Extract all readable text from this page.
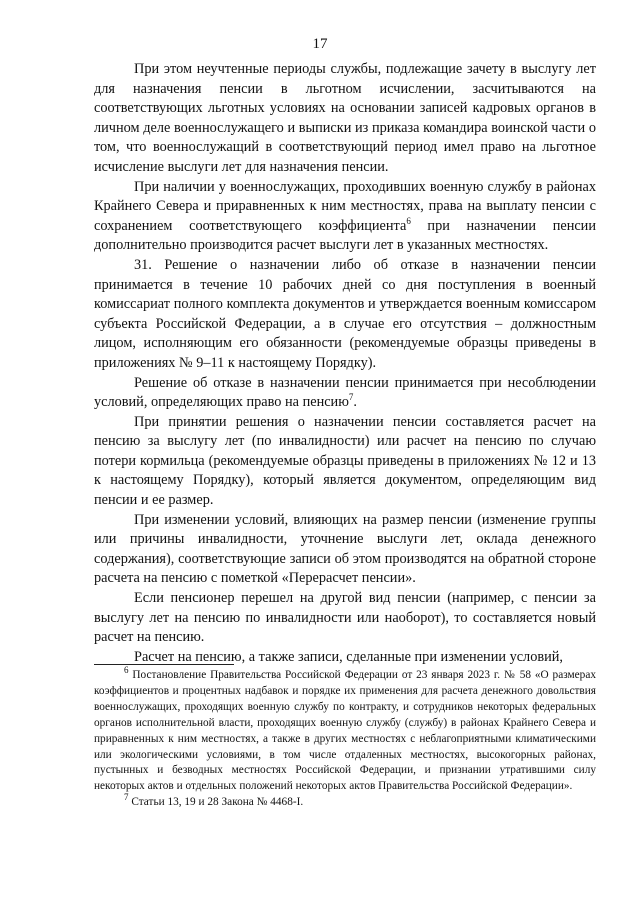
17

При этом неучтенные периоды службы, подлежащие зачету в выслугу лет для назначения пенсии в льготном исчислении, засчитываются на соответствующих льготных условиях на основании записей кадровых органов в личном деле военнослужащего и выписки из приказа командира воинской части о том, что военнослужащий в соответствующий период имел право на льготное исчисление выслуги лет для назначения пенсии.

При наличии у военнослужащих, проходивших военную службу в районах Крайнего Севера и приравненных к ним местностях, права на выплату пенсии с сохранением соответствующего коэффициента$^6$ при назначении пенсии дополнительно производится расчет выслуги лет в указанных местностях.

31. Решение о назначении либо об отказе в назначении пенсии принимается в течение 10 рабочих дней со дня поступления в военный комиссариат полного комплекта документов и утверждается военным комиссаром субъекта Российской Федерации, а в случае его отсутствия – должностным лицом, исполняющим его обязанности (рекомендуемые образцы приведены в приложениях № 9–11 к настоящему Порядку).

Решение об отказе в назначении пенсии принимается при несоблюдении условий, определяющих право на пенсию$^7$.

При принятии решения о назначении пенсии составляется расчет на пенсию за выслугу лет (по инвалидности) или расчет на пенсию по случаю потери кормильца (рекомендуемые образцы приведены в приложениях № 12 и 13 к настоящему Порядку), который является документом, определяющим вид пенсии и ее размер.

При изменении условий, влияющих на размер пенсии (изменение группы или причины инвалидности, уточнение выслуги лет, оклада денежного содержания), соответствующие записи об этом производятся на обратной стороне расчета на пенсию с пометкой «Перерасчет пенсии».

Если пенсионер перешел на другой вид пенсии (например, с пенсии за выслугу лет на пенсию по инвалидности или наоборот), то составляется новый расчет на пенсию.

Расчет на пенсию, а также записи, сделанные при изменении условий,

$^6$ Постановление Правительства Российской Федерации от 23 января 2023 г. № 58 «О размерах коэффициентов и процентных надбавок и порядке их применения для расчета денежного довольствия военнослужащих, проходящих военную службу по контракту, и сотрудников некоторых федеральных органов исполнительной власти, проходящих военную службу (службу) в районах Крайнего Севера и приравненных к ним местностях, а также в других местностях с неблагоприятными климатическими или экологическими условиями, в том числе отдаленных местностях, высокогорных районах, пустынных и безводных местностях Российской Федерации, и признании утратившими силу некоторых актов и отдельных положений некоторых актов Правительства Российской Федерации».

$^7$ Статьи 13, 19 и 28 Закона № 4468-I.
